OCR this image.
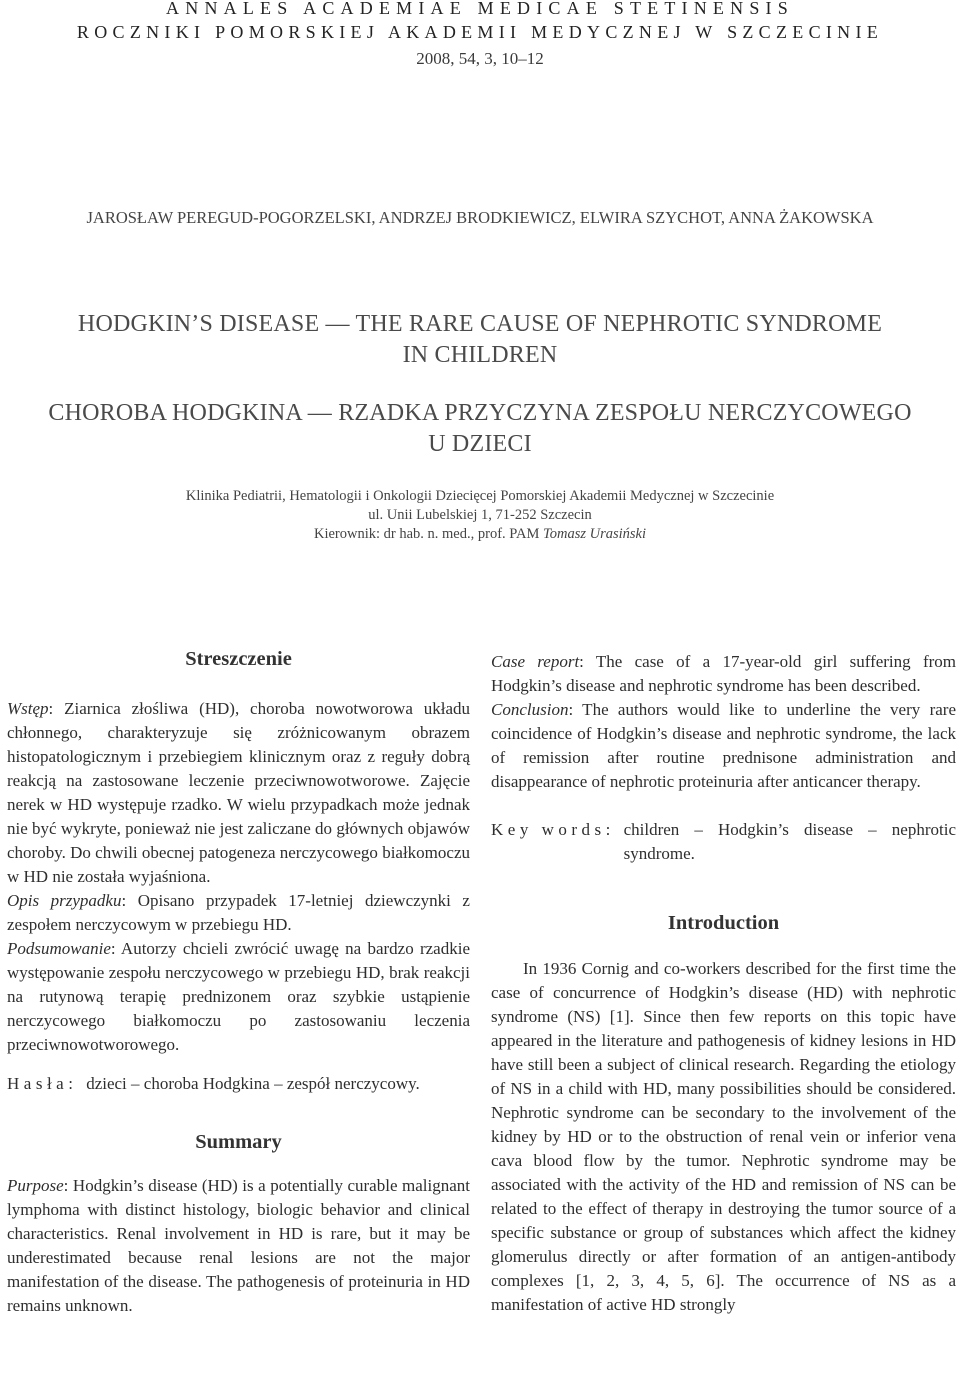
ANNALES ACADEMIAE MEDICAE STETINENSIS
ROCZNIKI POMORSKIEJ AKADEMII MEDYCZNEJ W SZCZECINIE
2008, 54, 3, 10–12
JAROSŁAW PEREGUD-POGORZELSKI, ANDRZEJ BRODKIEWICZ, ELWIRA SZYCHOT, ANNA ŻAKOWSKA
HODGKIN’S DISEASE — THE RARE CAUSE OF NEPHROTIC SYNDROME
IN CHILDREN
CHOROBA HODGKINA — RZADKA PRZYCZYNA ZESPOŁU NERCZYCOWEGO
U DZIECI
Klinika Pediatrii, Hematologii i Onkologii Dziecięcej Pomorskiej Akademii Medycznej w Szczecinie
ul. Unii Lubelskiej 1, 71-252 Szczecin
Kierownik: dr hab. n. med., prof. PAM Tomasz Urasiński
Streszczenie

Wstęp: Ziarnica złośliwa (HD), choroba nowotworowa układu chłonnego, charakteryzuje się zróżnicowanym obrazem histopatologicznym i przebiegiem klinicznym oraz z reguły dobrą reakcją na zastosowane leczenie przeciwnowotworowe. Zajęcie nerek w HD występuje rzadko. W wielu przypadkach może jednak nie być wykryte, ponieważ nie jest zaliczane do głównych objawów choroby. Do chwili obecnej patogeneza nerczycowego białkomoczu w HD nie została wyjaśniona.

Opis przypadku: Opisano przypadek 17-letniej dziewczynki z zespołem nerczycowym w przebiegu HD.

Podsumowanie: Autorzy chcieli zwrócić uwagę na bardzo rzadkie występowanie zespołu nerczycowego w przebiegu HD, brak reakcji na rutynową terapię prednizonem oraz szybkie ustąpienie nerczycowego białkomoczu po zastosowaniu leczenia przeciwnowotworowego.

Hasła: dzieci – choroba Hodgkina – zespół nerczycowy.
Summary

Purpose: Hodgkin’s disease (HD) is a potentially curable malignant lymphoma with distinct histology, biologic behavior and clinical characteristics. Renal involvement in HD is rare, but it may be underestimated because renal lesions are not the major manifestation of the disease. The pathogenesis of proteinuria in HD remains unknown.

Case report: The case of a 17-year-old girl suffering from Hodgkin’s disease and nephrotic syndrome has been described.

Conclusion: The authors would like to underline the very rare coincidence of Hodgkin’s disease and nephrotic syndrome, the lack of remission after routine prednisone administration and disappearance of nephrotic proteinuria after anticancer therapy.

Key words: children – Hodgkin’s disease – nephrotic syndrome.
Introduction

In 1936 Cornig and co-workers described for the first time the case of concurrence of Hodgkin’s disease (HD) with nephrotic syndrome (NS) [1]. Since then few reports on this topic have appeared in the literature and pathogenesis of kidney lesions in HD have still been a subject of clinical research. Regarding the etiology of NS in a child with HD, many possibilities should be considered. Nephrotic syndrome can be secondary to the involvement of the kidney by HD or to the obstruction of renal vein or inferior vena cava blood flow by the tumor. Nephrotic syndrome may be associated with the activity of the HD and remission of NS can be related to the effect of therapy in destroying the tumor source of a specific substance or group of substances which affect the kidney glomerulus directly or after formation of an antigen-antibody complexes [1, 2, 3, 4, 5, 6]. The occurrence of NS as a manifestation of active HD strongly
